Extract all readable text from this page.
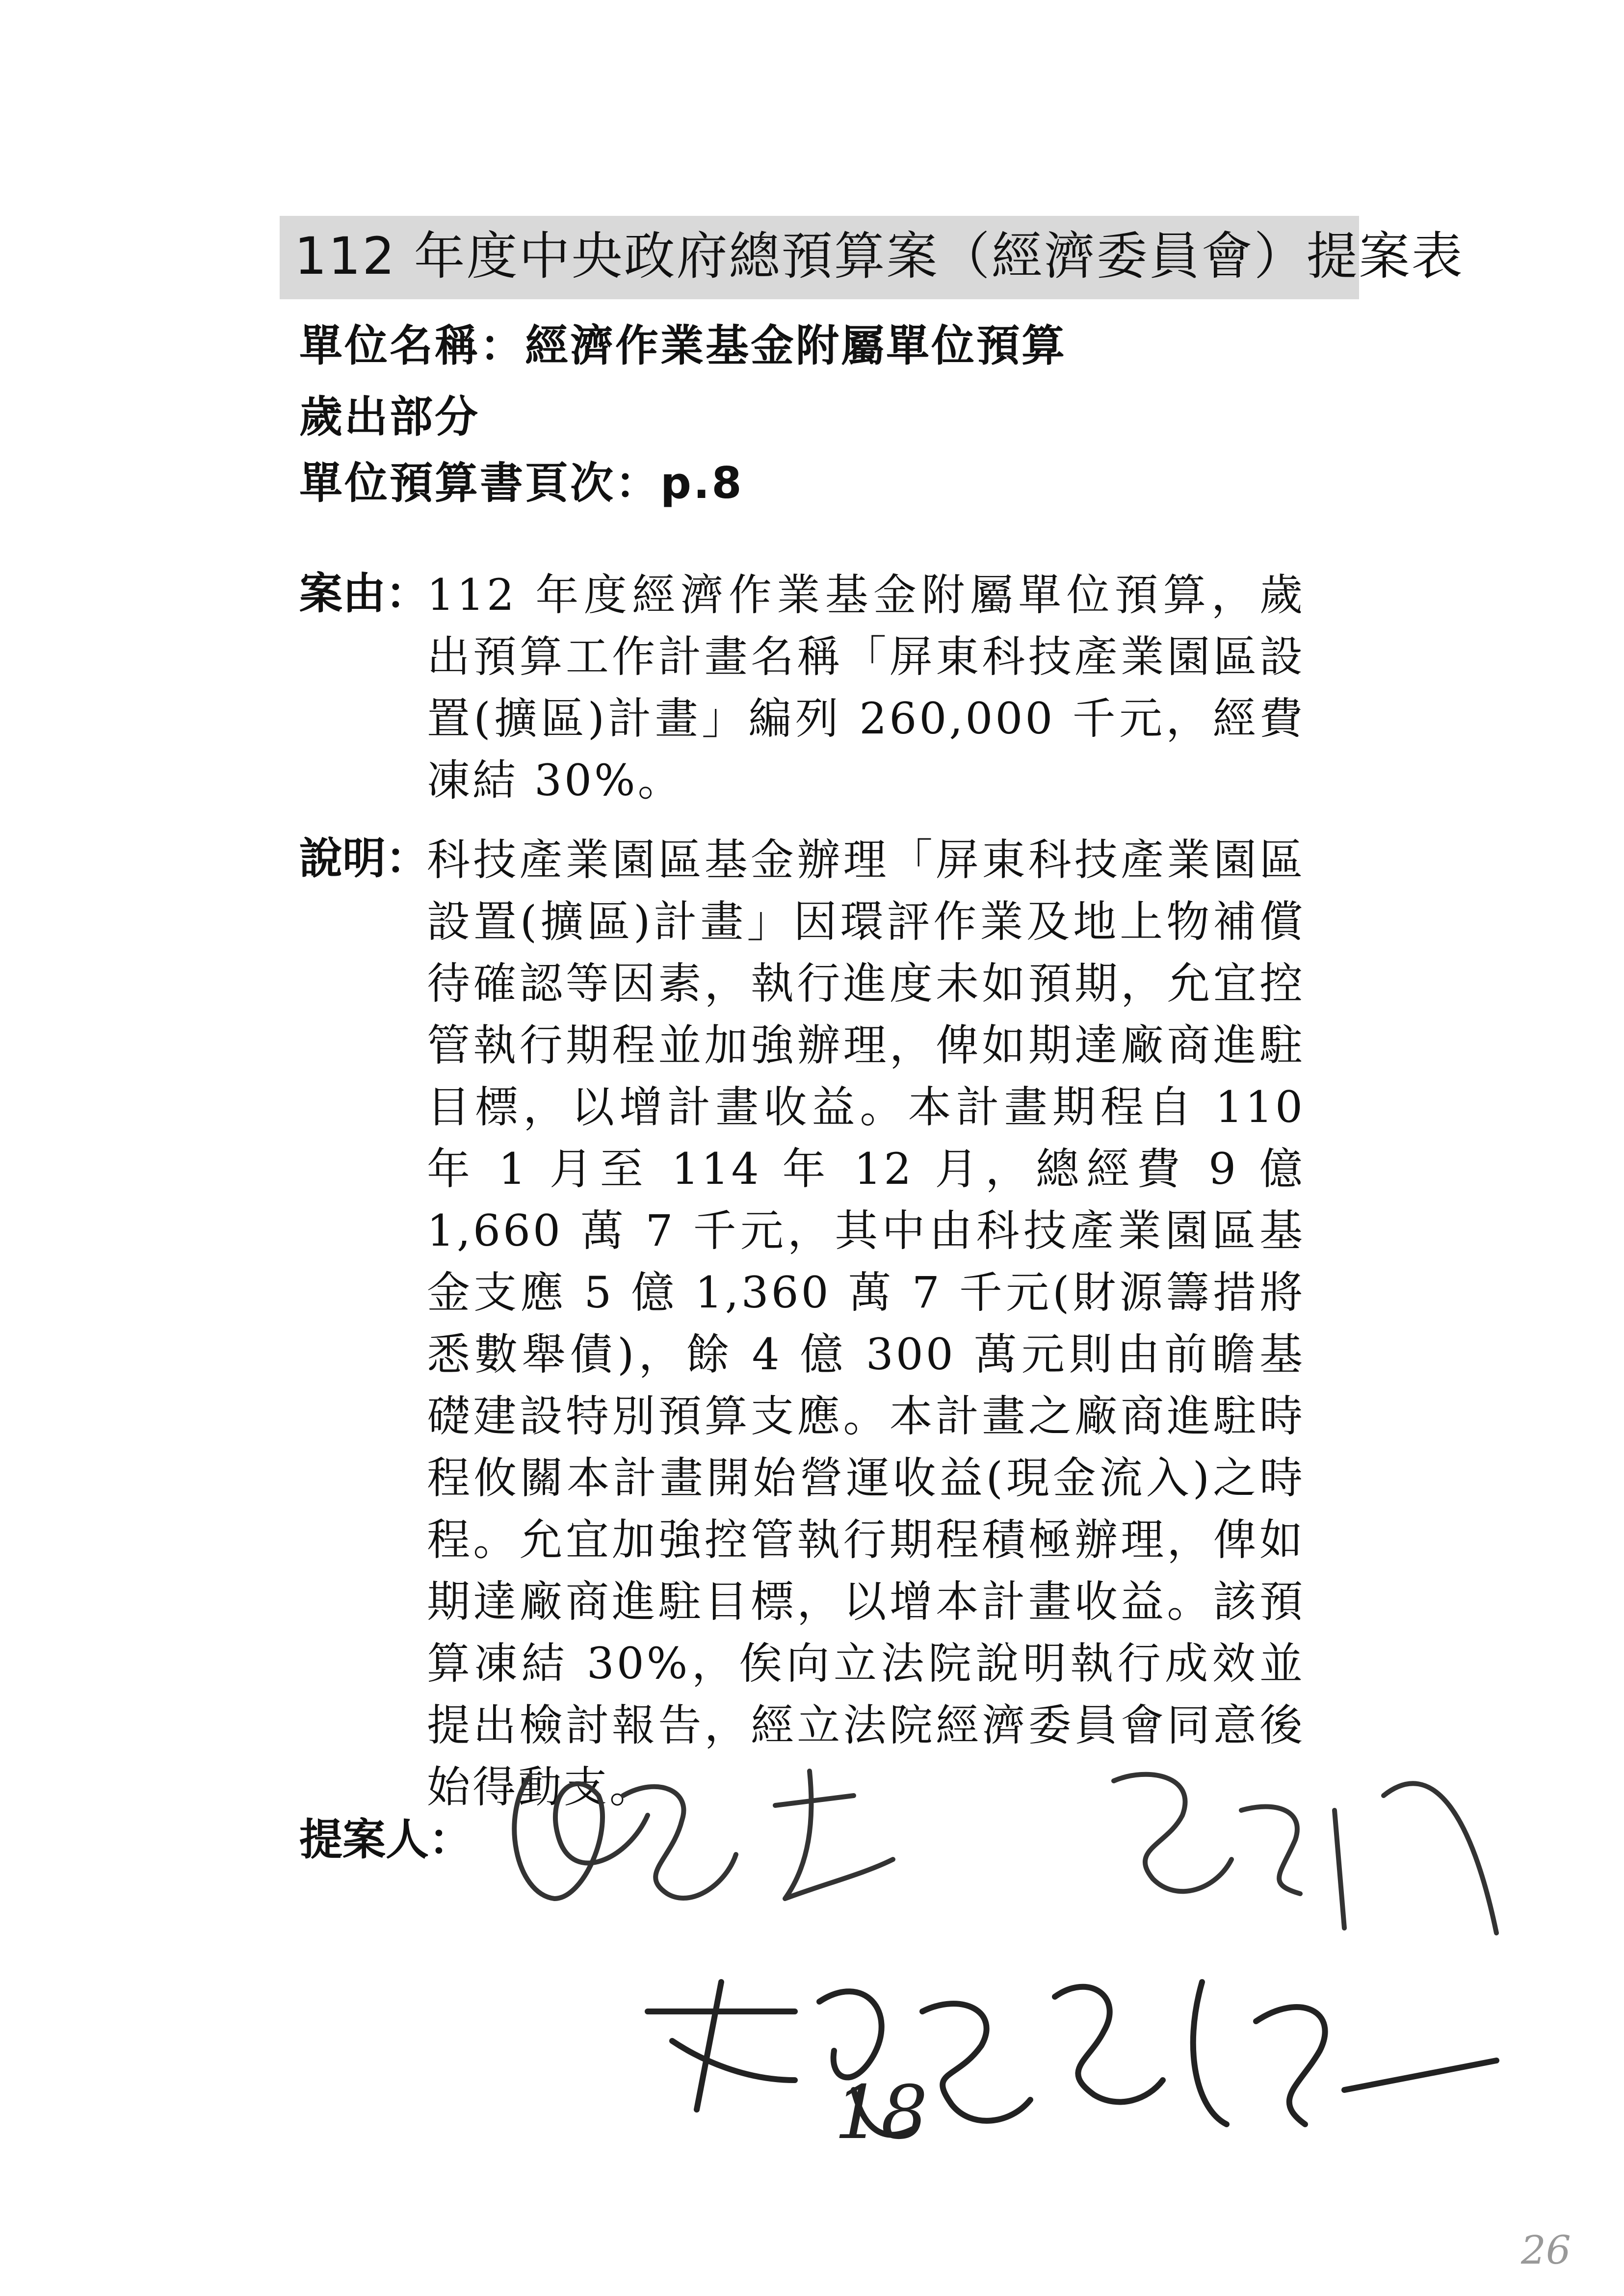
112 年度中央政府總預算案（經濟委員會）提案表
單位名稱：經濟作業基金附屬單位預算
歲出部分
單位預算書頁次：p.8
案由：
112 年度經濟作業基金附屬單位預算，歲出預算工作計畫名稱「屏東科技產業園區設置(擴區)計畫」編列 260,000 千元，經費凍結 30%。
說明：
科技產業園區基金辦理「屏東科技產業園區設置(擴區)計畫」因環評作業及地上物補償待確認等因素，執行進度未如預期，允宜控管執行期程並加強辦理，俾如期達廠商進駐目標，以增計畫收益。本計畫期程自 110 年 1 月至 114 年 12 月，總經費 9 億 1,660 萬 7 千元，其中由科技產業園區基金支應 5 億 1,360 萬 7 千元(財源籌措將悉數舉債)，餘 4 億 300 萬元則由前瞻基礎建設特別預算支應。本計畫之廠商進駐時程攸關本計畫開始營運收益(現金流入)之時程。允宜加強控管執行期程積極辦理，俾如期達廠商進駐目標，以增本計畫收益。該預算凍結 30%，俟向立法院說明執行成效並提出檢討報告，經立法院經濟委員會同意後始得動支。
提案人：
18
26
